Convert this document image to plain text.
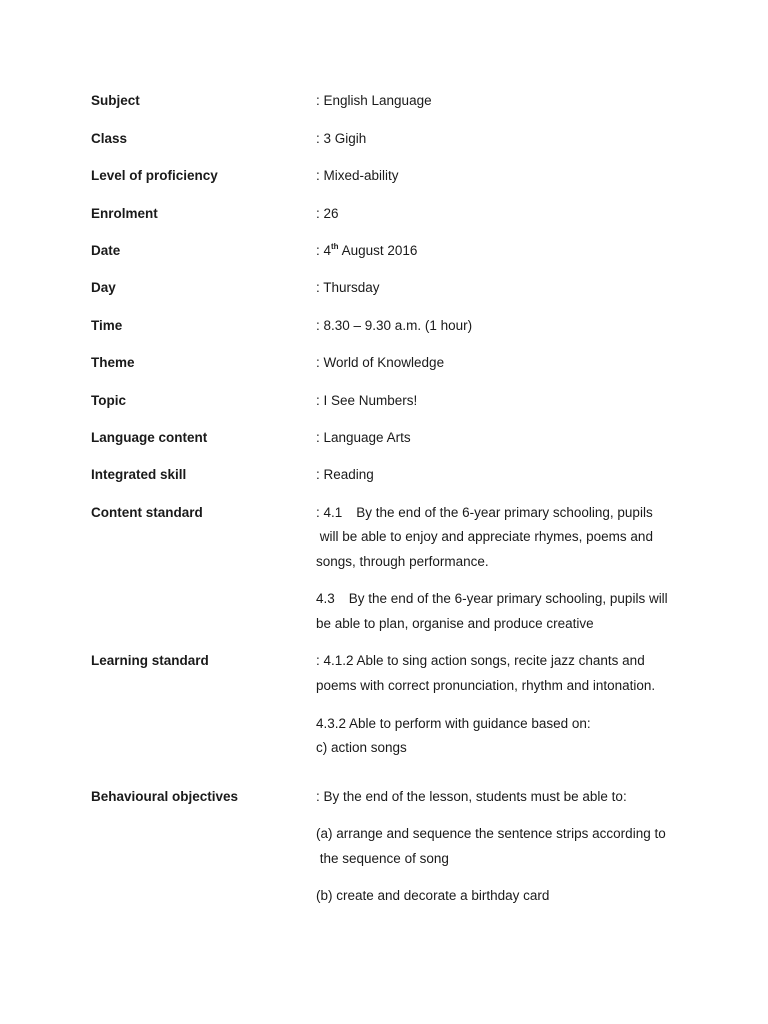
Subject	: English Language
Class	: 3 Gigih
Level of proficiency	: Mixed-ability
Enrolment	: 26
Date	: 4th August 2016
Day	: Thursday
Time	: 8.30 – 9.30 a.m. (1 hour)
Theme	: World of Knowledge
Topic	: I See Numbers!
Language content	: Language Arts
Integrated skill	: Reading
Content standard	: 4.1 By the end of the 6-year primary schooling, pupils
will be able to enjoy and appreciate rhymes, poems and
songs, through performance.
4.3 By the end of the 6-year primary schooling, pupils will
be able to plan, organise and produce creative
Learning standard	: 4.1.2 Able to sing action songs, recite jazz chants and
poems with correct pronunciation, rhythm and intonation.
4.3.2 Able to perform with guidance based on:
c) action songs
Behavioural objectives	: By the end of the lesson, students must be able to:
(a) arrange and sequence the sentence strips according to
the sequence of song
(b) create and decorate a birthday card
